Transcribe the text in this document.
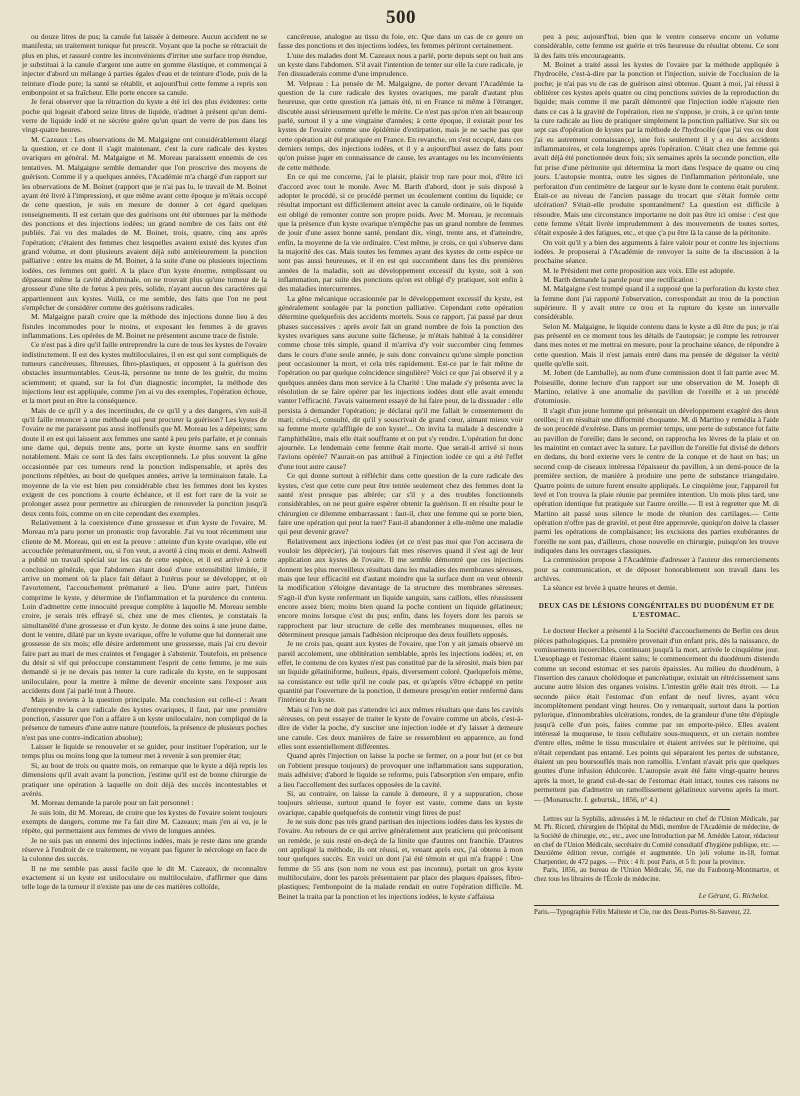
500

ou douze litres de pus; la canule fut laissée à demeure. Aucun accident ne se manifesta; un traitement tonique fut prescrit. Voyant que la poche se rétractait de plus en plus, et rassuré contre les inconvénients d'irriter une surface trop étendue, je substituai à la canule d'argent une autre en gomme élastique, et commençai à injecter d'abord un mélange à parties égales d'eau et de teinture d'iode, puis de la teinture d'iode pure; la santé se rétablit, et aujourd'hui cette femme a repris son embonpoint et sa fraîcheur. Elle porte encore sa canule.

Je ferai observer que la rétraction du kyste a été ici des plus évidentes: cette poche qui logeait d'abord seize litres de liquide, n'admet à présent qu'un demi-verre de liquide iodé et ne sécrète guère qu'un quart de verre de pus dans les vingt-quatre heures.

M. Cazeaux : Les observations de M. Malgaigne ont considérablement élargi la question, et ce dont il s'agit maintenant, c'est la cure radicale des kystes ovariques en général. M. Malgaigne et M. Moreau paraissent ennemis de ces tentatives. M. Malgaigne semble demander que l'on proscrive des moyens de guérison. Comme il y a quelques années, l'Académie m'a chargé d'un rapport sur les observations de M. Boinet (rapport que je n'ai pas lu, le travail de M. Boinet ayant été livré à l'impression), et que même avant cette époque je m'étais occupé de cette question, je suis en mesure de donner à cet égard quelques renseignements. Il est certain que des guérisons ont été obtenues par la méthode des ponctions et des injections iodées; un grand nombre de ces faits ont été publiés. J'ai vu des malades de M. Boinet, trois, quatre, cinq ans après l'opération; c'étaient des femmes chez lesquelles avaient existé des kystes d'un grand volume, et dont plusieurs avaient déjà subi antérieurement la ponction palliative : entre les mains de M. Boinet, à la suite d'une ou plusieurs injections iodées, ces femmes ont guéri. A la place d'un kyste énorme, remplissant ou dépassant même la cavité abdominale, on ne trouvait plus qu'une tumeur de la grosseur d'une tête de fœtus à peu près, solide, n'ayant aucun des caractères qui appartiennent aux kystes. Voilà, ce me semble, des faits que l'on ne peut s'empêcher de considérer comme des guérisons radicales.

M. Malgaigne paraît croire que la méthode des injections donne lieu à des fistules incommodes pour le moins, et exposant les femmes à de graves inflammations. Les opérées de M. Boinet ne présentent aucune trace de fistule.

Ce n'est pas à dire qu'il faille entreprendre la cure de tous les kystes de l'ovaire indistinctement. Il est des kystes multiloculaires, il en est qui sont compliqués de tumeurs cancéreuses, fibreuses, fibro-plastiques, et opposent à la guérison des obstacles insurmontables. Ceux-là, personne ne tente de les guérir, du moins sciemment; et quand, sur la foi d'un diagnostic incomplet, la méthode des injections leur est appliquée, comme j'en ai vu des exemples, l'opération échoue, et la mort peut en être la conséquence.

Mais de ce qu'il y a des incertitudes, de ce qu'il y a des dangers, s'en suit-il qu'il faille renoncer à une méthode qui peut procurer la guérison? Les kystes de l'ovaire ne me paraissent pas aussi inoffensifs que M. Moreau les a dépeints; sans doute il en est qui laissent aux femmes une santé à peu près parfaite, et je connais une dame qui, depuis trente ans, porte un kyste énorme sans en souffrir notablement. Mais ce sont là des faits exceptionnels. Le plus souvent la gêne occasionnée par ces tumeurs rend la ponction indispensable, et après des ponctions répétées, au bout de quelques années, arrive la terminaison fatale. La moyenne de la vie est bien peu considérable chez les femmes dont les kystes exigent de ces ponctions à courte échéance, et il est fort rare de la voir se prolonger assez pour permettre au chirurgien de renouveler la ponction jusqu'à deux cents fois, comme on en cite cependant des exemples.

Relativement à la coexistence d'une grossesse et d'un kyste de l'ovaire, M. Moreau m'a paru porter un pronostic trop favorable. J'ai vu tout récemment une cliente de M. Moreau, qui en est la preuve : atteinte d'un kyste ovarique, elle est accouchée prématurément, ou, si l'on veut, a avorté à cinq mois et demi. Ashwell a publié un travail spécial sur les cas de cette espèce, et il est arrivé à cette conclusion générale, que l'abdomen étant doué d'une extensibilité limitée, il arrive un moment où la place fait défaut à l'utérus pour se développer, et où l'avortement, l'accouchement prématuré a lieu. D'une autre part, l'utérus comprime le kyste, y détermine de l'inflammation et la purulence du contenu. Loin d'admettre cette innocuité presque complète à laquelle M. Moreau semble croire, je serais très effrayé si, chez une de mes clientes, je constatais la simultanéité d'une grossesse et d'un kyste. Je donne des soins à une jeune dame, dont le ventre, dilaté par un kyste ovarique, offre le volume que lui donnerait une grossesse de six mois; elle désire ardemment une grossesse, mais j'ai cru devoir faire part au mari de mes craintes et l'engager à s'abstenir. Toutefois, en présence du désir si vif qui préoccupe constamment l'esprit de cette femme, je me suis demandé si je ne devais pas tenter la cure radicale du kyste, en le supposant uniloculaire, pour la mettre à même de devenir enceinte sans l'exposer aux accidents dont j'ai parlé tout à l'heure.

Mais je reviens à la question principale. Ma conclusion est celle-ci : Avant d'entreprendre la cure radicale des kystes ovariques, il faut, par une première ponction, s'assurer que l'on a affaire à un kyste uniloculaire, non compliqué de la présence de tumeurs d'une autre nature (toutefois, la présence de plusieurs poches n'est pas une contre-indication absolue);

Laisser le liquide se renouveler et se guider, pour instituer l'opération, sur le temps plus ou moins long que la tumeur met à revenir à son premier état;

Si, au bout de trois ou quatre mois, on remarque que le kyste a déjà repris les dimensions qu'il avait avant la ponction, j'estime qu'il est de bonne chirurgie de pratiquer une opération à laquelle on doit déjà des succès incontestables et avérés.

M. Moreau demande la parole pour un fait personnel :

Je suis loin, dit M. Moreau, de croire que les kystes de l'ovaire soient toujours exempts de dangers, comme me l'a fait dire M. Cazeaux; mais j'en ai vu, je le répète, qui permettaient aux femmes de vivre de longues années.

Je ne suis pas un ennemi des injections iodées, mais je reste dans une grande réserve à l'endroit de ce traitement, ne voyant pas figurer le nécrologe en face de la colonne des succès.

Il ne me semble pas aussi facile que le dit M. Cazeaux, de reconnaître exactement si un kyste est uniloculaire ou multiloculaire, d'affirmer que dans telle loge de la tumeur il n'existe pas une de ces matières colloïde,

cancéreuse, analogue au tissu du foie, etc. Que dans un cas de ce genre on fasse des ponctions et des injections iodées, les femmes périront certainement.

L'une des malades dont M. Cazeaux nous a parlé, porte depuis sept ou huit ans un kyste dans l'abdomen. S'il avait l'intention de tenter sur elle la cure radicale, je l'en dissuaderais comme d'une imprudence.

M. Velpeau : La pensée de M. Malgaigne, de porter devant l'Académie la question de la cure radicale des kystes ovariques, me paraît d'autant plus heureuse, que cette question n'a jamais été, ni en France ni même à l'étranger, discutée aussi sérieusement qu'elle le mérite. Ce n'est pas qu'on n'en ait beaucoup parlé, surtout il y a une vingtaine d'années; à cette époque, il existait pour les kystes de l'ovaire comme une épidémie d'extirpation, mais je ne sache pas que cette opération ait été pratiquée en France. En revanche, on s'est occupé, dans ces derniers temps, des injections iodées, et il y a aujourd'hui assez de faits pour qu'on puisse juger en connaissance de cause, les avantages ou les inconvénients de cette méthode.

En ce qui me concerne, j'ai le plaisir, plaisir trop rare pour moi, d'être ici d'accord avec tout le monde. Avec M. Barth d'abord, dont je suis disposé à adopter le procédé, si ce procédé permet un écoulement continu du liquide; ce résultat important est difficilement atteint avec la canule ordinaire, où le liquide est obligé de remonter contre son propre poids. Avec M. Moreau, je reconnais que la présence d'un kyste ovarique n'empêche pas un grand nombre de femmes de jouir d'une assez bonne santé, pendant dix, vingt, trente ans, et d'atteindre, enfin, la moyenne de la vie ordinaire. C'est même, je crois, ce qui s'observe dans la majorité des cas. Mais toutes les femmes ayant des kystes de cette espèce ne sont pas aussi heureuses, et il en est qui succombent dans les dix premières années de la maladie, soit au développement excessif du kyste, soit à son inflammation, par suite des ponctions qu'on est obligé d'y pratiquer, soit enfin à des maladies intercurrentes.

La gêne mécanique occasionnée par le développement excessif du kyste, est généralement soulagée par la ponction palliative. Cependant cette opération détermine quelquefois des accidents mortels. Sous ce rapport, j'ai passé par deux phases successives : après avoir fait un grand nombre de fois la ponction des kystes ovariques sans aucune suite fâcheuse, je m'étais habitué à la considérer comme chose très simple, quand il m'arriva d'y voir succomber cinq femmes dans le cours d'une seule année, je suis donc convaincu qu'une simple ponction peut occasionner la mort, et cela très rapidement. Est-ce par le fait même de l'opération ou par quelque coïncidence singulière? Voici ce que j'ai observé il y a quelques années dans mon service à la Charité : Une malade s'y présenta avec la résolution de se faire opérer par les injections iodées dont elle avait entendu vanter l'efficacité. J'avais vainement essayé de lui faire peur, de la dissuader : elle persista à demander l'opération; je déclarai qu'il me fallait le consentement du mari; celui-ci, consulté, dit qu'il y souscrivait de grand cœur, aimant mieux voir sa femme morte qu'affligée de son kyste!... On invita la malade à descendre à l'amphithéâtre, mais elle était souffrante et on put s'y rendre. L'opération fut donc ajournée. Le lendemain cette femme était morte. Que serait-il arrivé si nous l'avions opérée? N'aurait-on pas attribué à l'injection iodée ce qui a été l'effet d'une tout autre cause?

Ce qui donne surtout à réfléchir dans cette question de la cure radicale des kystes, c'est que cette cure peut être tentée seulement chez des femmes dont la santé n'est presque pas altérée; car s'il y a des troubles fonctionnels considérables, on ne peut guère espérer obtenir la guérison. Il en résulte pour le chirurgien ce dilemme embarrassant : faut-il, chez une femme qui se porte bien, faire une opération qui peut la tuer? Faut-il abandonner à elle-même une maladie qui peut devenir grave?

Relativement aux injections iodées (et ce n'est pas moi que l'on accusera de vouloir les déprécier), j'ai toujours fait mes réserves quand il s'est agi de leur application aux kystes de l'ovaire. Il me semble démontré que ces injections donnent les plus merveilleux résultats dans les maladies des membranes séreuses, mais que leur efficacité est d'autant moindre que la surface dont on veut obtenir la modification s'éloigne davantage de la structure des membranes séreuses. S'agit-il d'un kyste renfermant un liquide sanguin, sans caillots, elles réussissent encore assez bien; moins bien quand la poche contient un liquide gélatineux; encore moins lorsque c'est du pus; enfin, dans les foyers dont les parois se rapprochent par leur structure de celle des membranes muqueuses, elles ne déterminent presque jamais l'adhésion réciproque des deux feuillets opposés.

Je ne crois pas, quant aux kystes de l'ovaire, que l'on y ait jamais observé un pareil accolement, une oblitération semblable, après les injections iodées; et, en effet, le contenu de ces kystes n'est pas constitué par de la sérosité, mais bien par un liquide gélatiniforme, huileux, épais, diversement coloré. Quelquefois même, sa consistance est telle qu'il ne coule pas, et qu'après s'être échappé en petite quantité par l'ouverture de la ponction, il demeure presqu'en entier renfermé dans l'intérieur du kyste.

Mais si l'on ne doit pas s'attendre ici aux mêmes résultats que dans les cavités séreuses, on peut essayer de traiter le kyste de l'ovaire comme un abcès, c'est-à-dire de vider la poche, d'y susciter une injection iodée et d'y laisser à demeure une canule. Ces deux manières de faire se ressemblent en apparence, au fond elles sont essentiellement différentes.

Quand après l'injection on laisse la poche se fermer, on a pour but (et ce but on l'obtient presque toujours) de provoquer une inflammation sans suppuration, mais adhésive; d'abord le liquide se reforme, puis l'absorption s'en empare, enfin a lieu l'accollement des surfaces opposées de la cavité.

Si, au contraire, on laisse la canule à demeure, il y a suppuration, chose toujours sérieuse, surtout quand le foyer est vaste, comme dans un kyste ovarique, capable quelquefois de contenir vingt litres de pus!

Je ne suis donc pas très grand partisan des injections iodées dans les kystes de l'ovaire. Au rebours de ce qui arrive généralement aux praticiens qui préconisent un remède, je suis resté en-deçà de la limite que d'autres ont franchie. D'autres ont appliqué la méthode, ils ont réussi, et, venant après eux, j'ai obtenu à mon tour quelques succès. En voici un dont j'ai été témoin et qui m'a frappé : Une femme de 55 ans (son nom ne vous est pas inconnu), portait un gros kyste multiloculaire, dont les parois présentaient par place des plaques épaisses, fibro-plastiques; l'embonpoint de la malade rendait en outre l'opération difficile. M. Beinet la traita par la ponction et les injections iodées, le kyste s'affaissa

peu à peu; aujourd'hui, bien que le ventre conserve encore un volume considérable, cette femme est guérie et très heureuse du résultat obtenu. Ce sont là des faits très encourageants.

M. Boinet a traité aussi les kystes de l'ovaire par la méthode appliquée à l'hydrocèle, c'est-à-dire par la ponction et l'injection, suivie de l'occlusion de la poche; je n'ai pas vu de cas de guérison ainsi obtenue. Quant à moi, j'ai réussi à oblitérer ces kystes après quatre ou cinq ponctions suivies de la reproduction du liquide; mais comme il me paraît démontré que l'injection iodée n'ajoute rien dans ce cas à la gravité de l'opération, rien ne s'oppose, je crois, à ce qu'on tente la cure radicale au lieu de pratiquer simplement la ponction palliative. Sur six ou sept cas d'opération de kystes par la méthode de l'hydrocèle (que j'ai vus ou dont j'ai eu autrement connaissance), une fois seulement il y a eu des accidents inflammatoires, et cela longtemps après l'opération. C'était chez une femme qui avait déjà été ponctionnée deux fois; six semaines après la seconde ponction, elle fut prise d'une péritonite qui détermina la mort dans l'espace de quatre ou cinq jours. L'autopsie montra, outre les signes de l'inflammation péritonéale, une perforation d'un centimètre de largeur sur le kyste dont le contenu était purulent. Était-ce au niveau de l'ancien passage du trocart que s'était formée cette ulcération? S'était-elle produite spontanément? La question est difficile à résoudre. Mais une circonstance importante ne doit pas être ici omise : c'est que cette femme s'était livrée imprudemment à des mouvements de toutes sortes, s'était exposée à des fatigues, etc., et que ç'a pu être là la cause de la péritonite.

On voit qu'il y a bien des arguments à faire valoir pour et contre les injections iodées. Je proposerai à l'Académie de renvoyer la suite de la discussion à la prochaine séance.

M. le Président met cette proposition aux voix. Elle est adoptée.

M. Barth demande la parole pour une rectification :

M. Malgaigne s'est trompé quand il a supposé que la perforation du kyste chez la femme dont j'ai rapporté l'observation, correspondait au trou de la ponction supérieure. Il y avait entre ce trou et la rupture du kyste un intervalle considérable.

Selon M. Malgaigne, le liquide contenu dans le kyste a dû être du pus; je n'ai pas présenté en ce moment tous les détails de l'autopsie; je compte les retrouver dans mes notes et me mettrai en mesure, pour la prochaine séance, de répondre à cette question. Mais il n'est jamais entré dans ma pensée de déguiser la vérité quelle qu'elle soit.

M. Jobert (de Lamballe), au nom d'une commission dont il fait partie avec M. Poiseuille, donne lecture d'un rapport sur une observation de M. Joseph di Martino, relative à une anomalie du pavillon de l'oreille et à un procédé d'otomiosie.

Il s'agit d'un jeune homme qui présentait un développement exagéré des deux oreilles; il en résultait une difformité choquante. M. di Martino y remédia à l'aide de son procédé d'exérèse. Dans un premier temps, une perte de substance fut faite au pavillon de l'oreille; dans le second, on rapprocha les lèvres de la plaie et on les maintint en contact avec la suture. Le pavillon de l'oreille fut divisé de dehors en dedans, du bord externe vers le centre de la conque et de haut en bas; un second coup de ciseaux intéressa l'épaisseur du pavillon, à un demi-pouce de la première section, de manière à produire une perte de substance triangulaire. Quatre points de suture furent ensuite appliqués. Le cinquième jour, l'appareil fut levé et l'on trouva la plaie réunie par première intention. Un mois plus tard, une opération identique fut pratiquée sur l'autre oreille.— Il est à regretter que M. di Martino ait passé sous silence le mode de réunion des cartilages.— Cette opération n'offre pas de gravité, et peut être approuvée, quoiqu'on doive la classer parmi les opérations de complaisance; les excisions des parties exubérantes de l'oreille ne sont pas, d'ailleurs, chose nouvelle en chirurgie, puisqu'on les trouve indiquées dans les ouvrages classiques.

La commission propose à l'Académie d'adresser à l'auteur des remerciements pour sa communication, et de déposer honorablement son travail dans les archives.

La séance est levée à quatre heures et demie.

DEUX CAS DE LÉSIONS CONGÉNITALES DU DUODÉNUM ET DE L'ESTOMAC.

Le docteur Hecker a présenté à la Société d'accouchements de Berlin ces deux pièces pathologiques. La première provenait d'un enfant pris, dès la naissance, de vomissements incoercibles, continuant jusqu'à la mort, arrivée le cinquième jour. L'œsophage et l'estomac étaient sains; le commencement du duodénum distendu comme un second estomac et ses parois épaissies. Au milieu du duodénum, à l'insertion des canaux cholédoque et pancréatique, existait un rétrécissement sans aucune autre lésion des organes voisins. L'intestin grêle était très étroit. — La seconde pièce était l'estomac d'un enfant de neuf livres, ayant vécu incomplètement pendant vingt heures. On y remarquait, surtout dans la portion pylorique, d'innombrables ulcérations, rondes, de la grandeur d'une tête d'épingle jusqu'à celle d'un pois, faites comme par un emporte-pièce. Elles avaient intéressé la muqueuse, le tissu cellulaire sous-muqueux, et un certain nombre d'entre elles, même le tissu musculaire et étaient arrivées sur le péritoine, qui n'était cependant pas entamé. Les points qui séparaient les pertes de substance, étaient un peu boursouflés mais non ramollis. L'enfant n'avait pris que quelques gouttes d'une infusion édulcorée. L'autopsie avait été faite vingt-quatre heures après la mort, le grand cul-de-sac de l'estomac était intact, toutes ces raisons ne permettent pas d'admettre un ramollissement gélatineux survenu après la mort. — (Monatsschr. f. geburtsk., 1856, n° 4.)

Lettres sur la Syphilis, adressées à M. le rédacteur en chef de l'Union Médicale, par M. Ph. Ricord, chirurgien de l'hôpital du Midi, membre de l'Académie de médecine, de la Société de chirurgie, etc., etc., avec une Introduction par M. Amédée Latour, rédacteur en chef de l'Union Médicale, secrétaire du Comité consultatif d'hygiène publique, etc. — Deuxième édition revue, corrigée et augmentée. Un joli volume in-18, format Charpentier, de 472 pages. — Prix : 4 fr. pour Paris, et 5 fr. pour la province.

Paris, 1856, au bureau de l'Union Médicale, 56, rue du Faubourg-Montmartre, et chez tous les libraires de l'École de médecine.

Le Gérant, G. Richelot.
Paris.—Typographie Félix Malteste et Cie, rue des Deux-Portes-St-Sauveur, 22.
